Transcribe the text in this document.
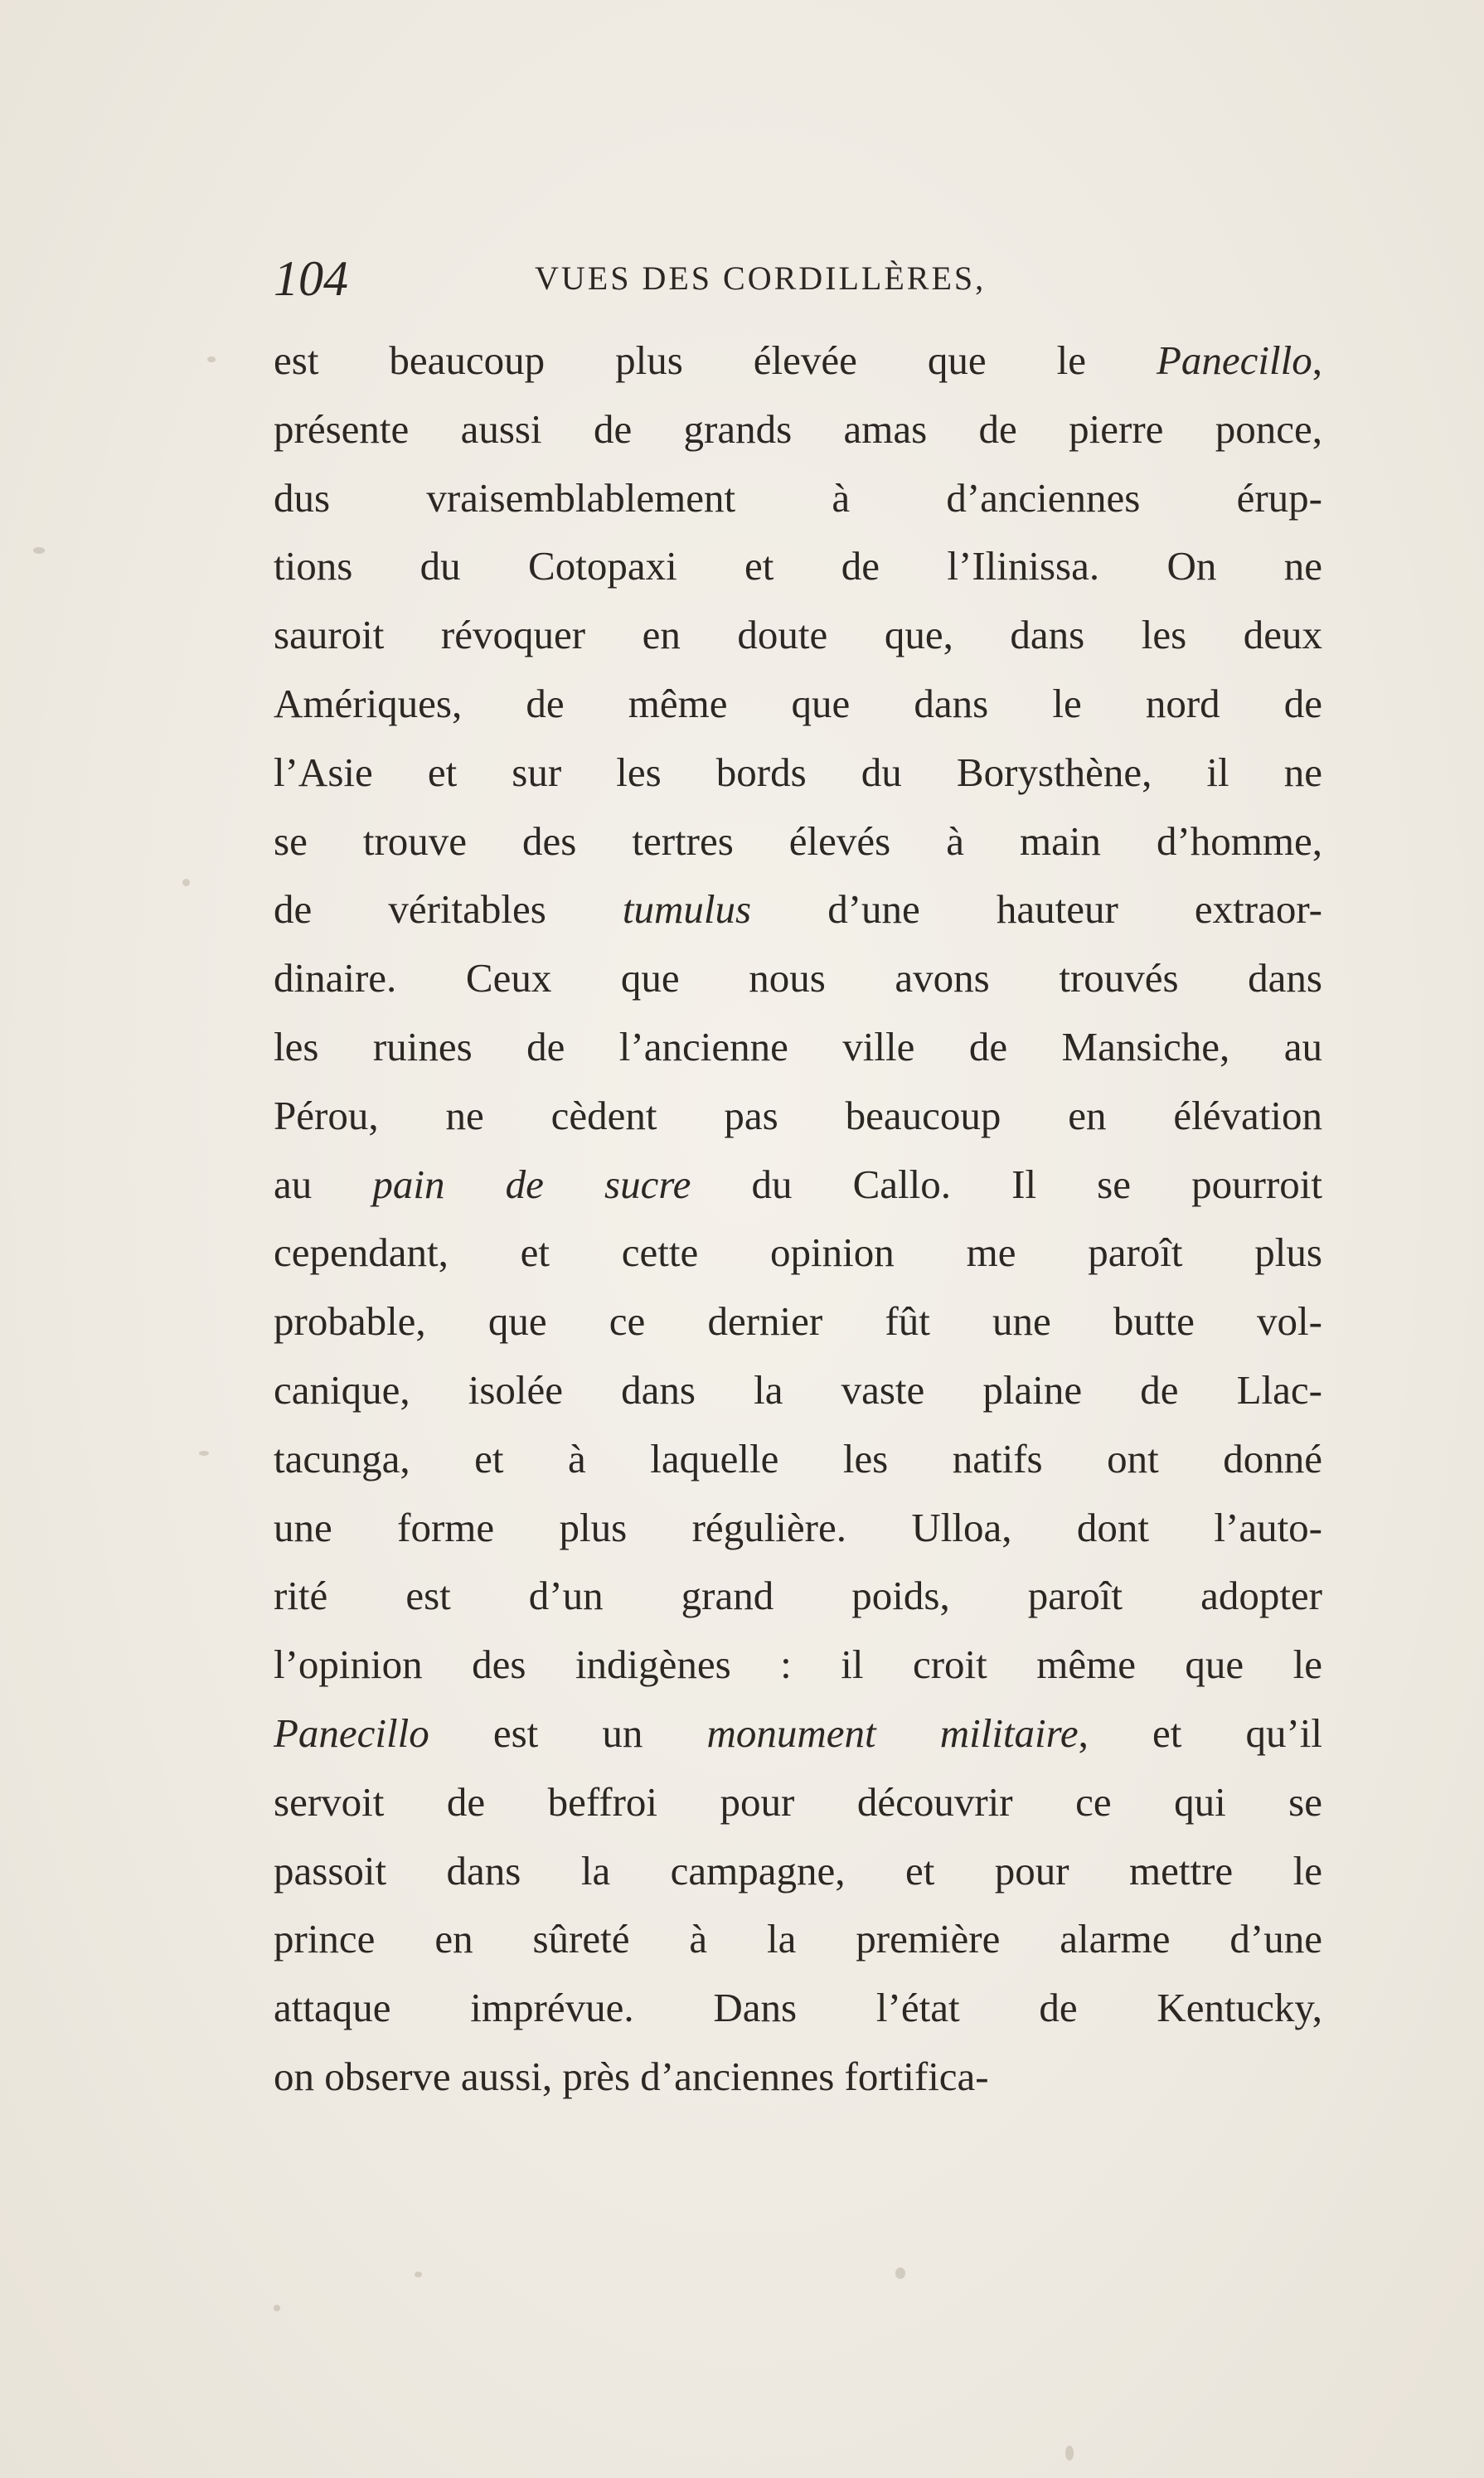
104	VUES DES CORDILLÈRES,
est beaucoup plus élevée que le Panecillo,
présente aussi de grands amas de pierre ponce,
dus vraisemblablement à d’anciennes érup-
tions du Cotopaxi et de l’Ilinissa. On ne
sauroit révoquer en doute que, dans les deux
Amériques, de même que dans le nord de
l’Asie et sur les bords du Borysthène, il ne
se trouve des tertres élevés à main d’homme,
de véritables tumulus d’une hauteur extraor-
dinaire. Ceux que nous avons trouvés dans
les ruines de l’ancienne ville de Mansiche, au
Pérou, ne cèdent pas beaucoup en élévation
au pain de sucre du Callo. Il se pourroit
cependant, et cette opinion me paroît plus
probable, que ce dernier fût une butte vol-
canique, isolée dans la vaste plaine de Llac-
tacunga, et à laquelle les natifs ont donné
une forme plus régulière. Ulloa, dont l’auto-
rité est d’un grand poids, paroît adopter
l’opinion des indigènes : il croit même que le
Panecillo est un monument militaire, et qu’il
servoit de beffroi pour découvrir ce qui se
passoit dans la campagne, et pour mettre le
prince en sûreté à la première alarme d’une
attaque imprévue. Dans l’état de Kentucky,
on observe aussi, près d’anciennes fortifica-
